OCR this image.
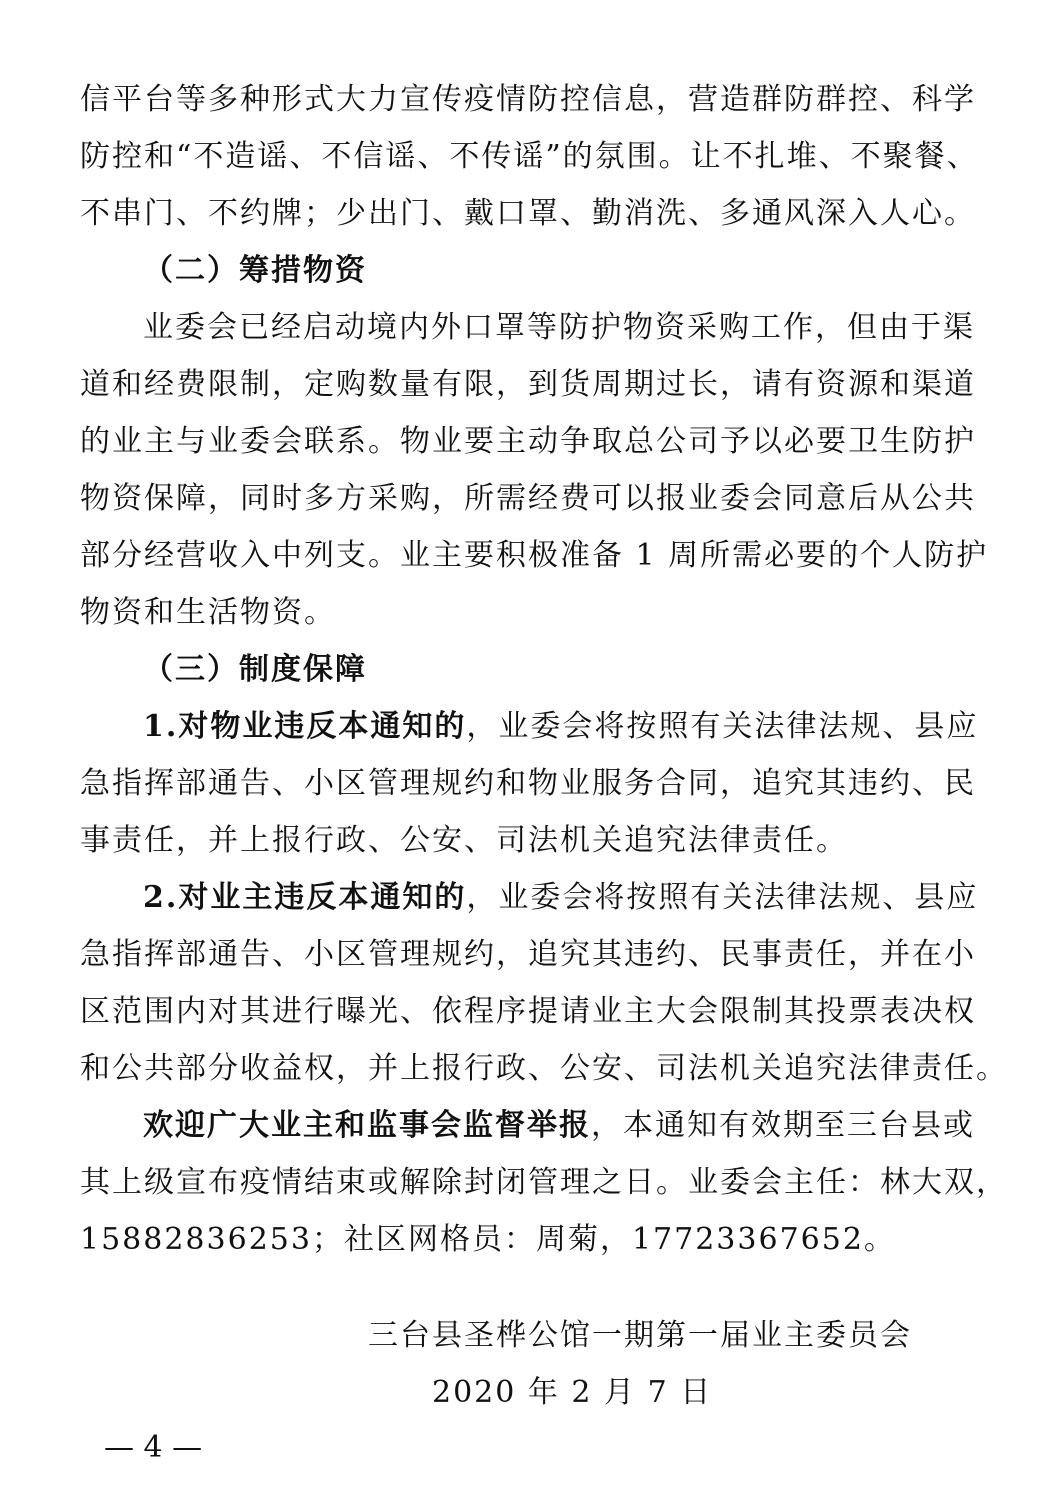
信平台等多种形式大力宣传疫情防控信息，营造群防群控、科学
防控和“不造谣、不信谣、不传谣”的氛围。让不扎堆、不聚餐、
不串门、不约牌；少出门、戴口罩、勤消洗、多通风深入人心。
（二）筹措物资
业委会已经启动境内外口罩等防护物资采购工作，但由于渠
道和经费限制，定购数量有限，到货周期过长，请有资源和渠道
的业主与业委会联系。物业要主动争取总公司予以必要卫生防护
物资保障，同时多方采购，所需经费可以报业委会同意后从公共
部分经营收入中列支。业主要积极准备 1 周所需必要的个人防护
物资和生活物资。
（三）制度保障
1.对物业违反本通知的，业委会将按照有关法律法规、县应
急指挥部通告、小区管理规约和物业服务合同，追究其违约、民
事责任，并上报行政、公安、司法机关追究法律责任。
2.对业主违反本通知的，业委会将按照有关法律法规、县应
急指挥部通告、小区管理规约，追究其违约、民事责任，并在小
区范围内对其进行曝光、依程序提请业主大会限制其投票表决权
和公共部分收益权，并上报行政、公安、司法机关追究法律责任。
欢迎广大业主和监事会监督举报，本通知有效期至三台县或
其上级宣布疫情结束或解除封闭管理之日。业委会主任：林大双，
15882836253；社区网格员：周菊，17723367652。
三台县圣桦公馆一期第一届业主委员会
2020 年 2 月 7 日
— 4 —
